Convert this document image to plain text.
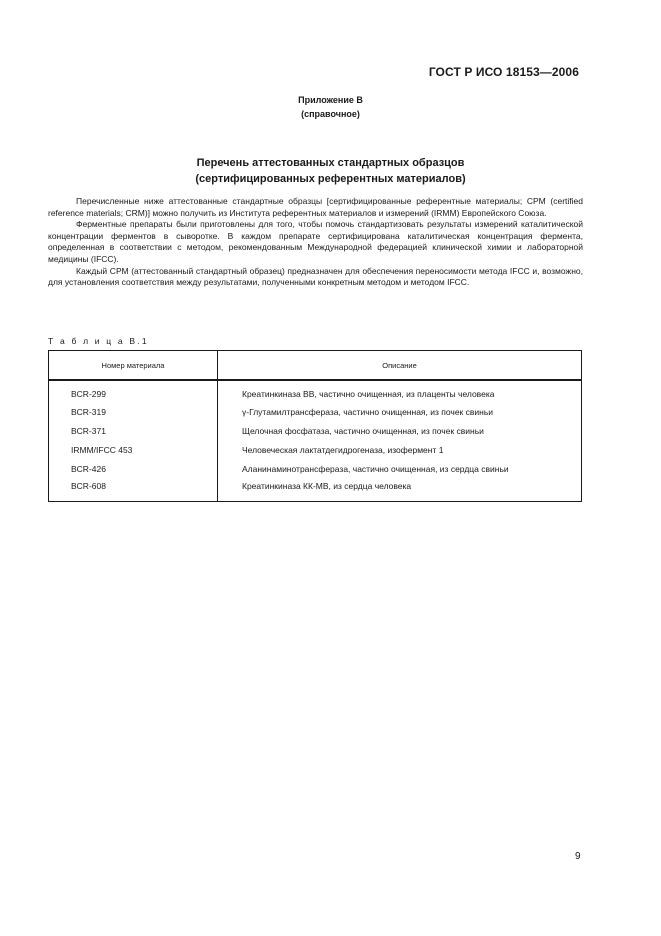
ГОСТ Р ИСО 18153—2006
Приложение B
(справочное)
Перечень аттестованных стандартных образцов
(сертифицированных референтных материалов)

Перечисленные ниже аттестованные стандартные образцы [сертифицированные референтные материалы; СРМ (certified reference materials; CRM)] можно получить из Института референтных материалов и измерений (IRMM) Европейского Союза.

Ферментные препараты были приготовлены для того, чтобы помочь стандартизовать результаты измерений каталитической концентрации ферментов в сыворотке. В каждом препарате сертифицирована каталитическая концентрация фермента, определенная в соответствии с методом, рекомендованным Международной федерацией клинической химии и лабораторной медицины (IFCC).

Каждый СРМ (аттестованный стандартный образец) предназначен для обеспечения переносимости метода IFCC и, возможно, для установления соответствия между результатами, полученными конкретным методом и методом IFCC.

Т а б л и ц а B.1
Номер материала	Описание
BCR-299	Креатинкиназа ВВ, частично очищенная, из плаценты человека
BCR-319	γ-Глутамилтрансфераза, частично очищенная, из почек свиньи
BCR-371	Щелочная фосфатаза, частично очищенная, из почек свиньи
IRMM/IFCC 453	Человеческая лактатдегидрогеназа, изофермент 1
BCR-426	Аланинаминотрансфераза, частично очищенная, из сердца свиньи
BCR-608	Креатинкиназа КК-МВ, из сердца человека
9
